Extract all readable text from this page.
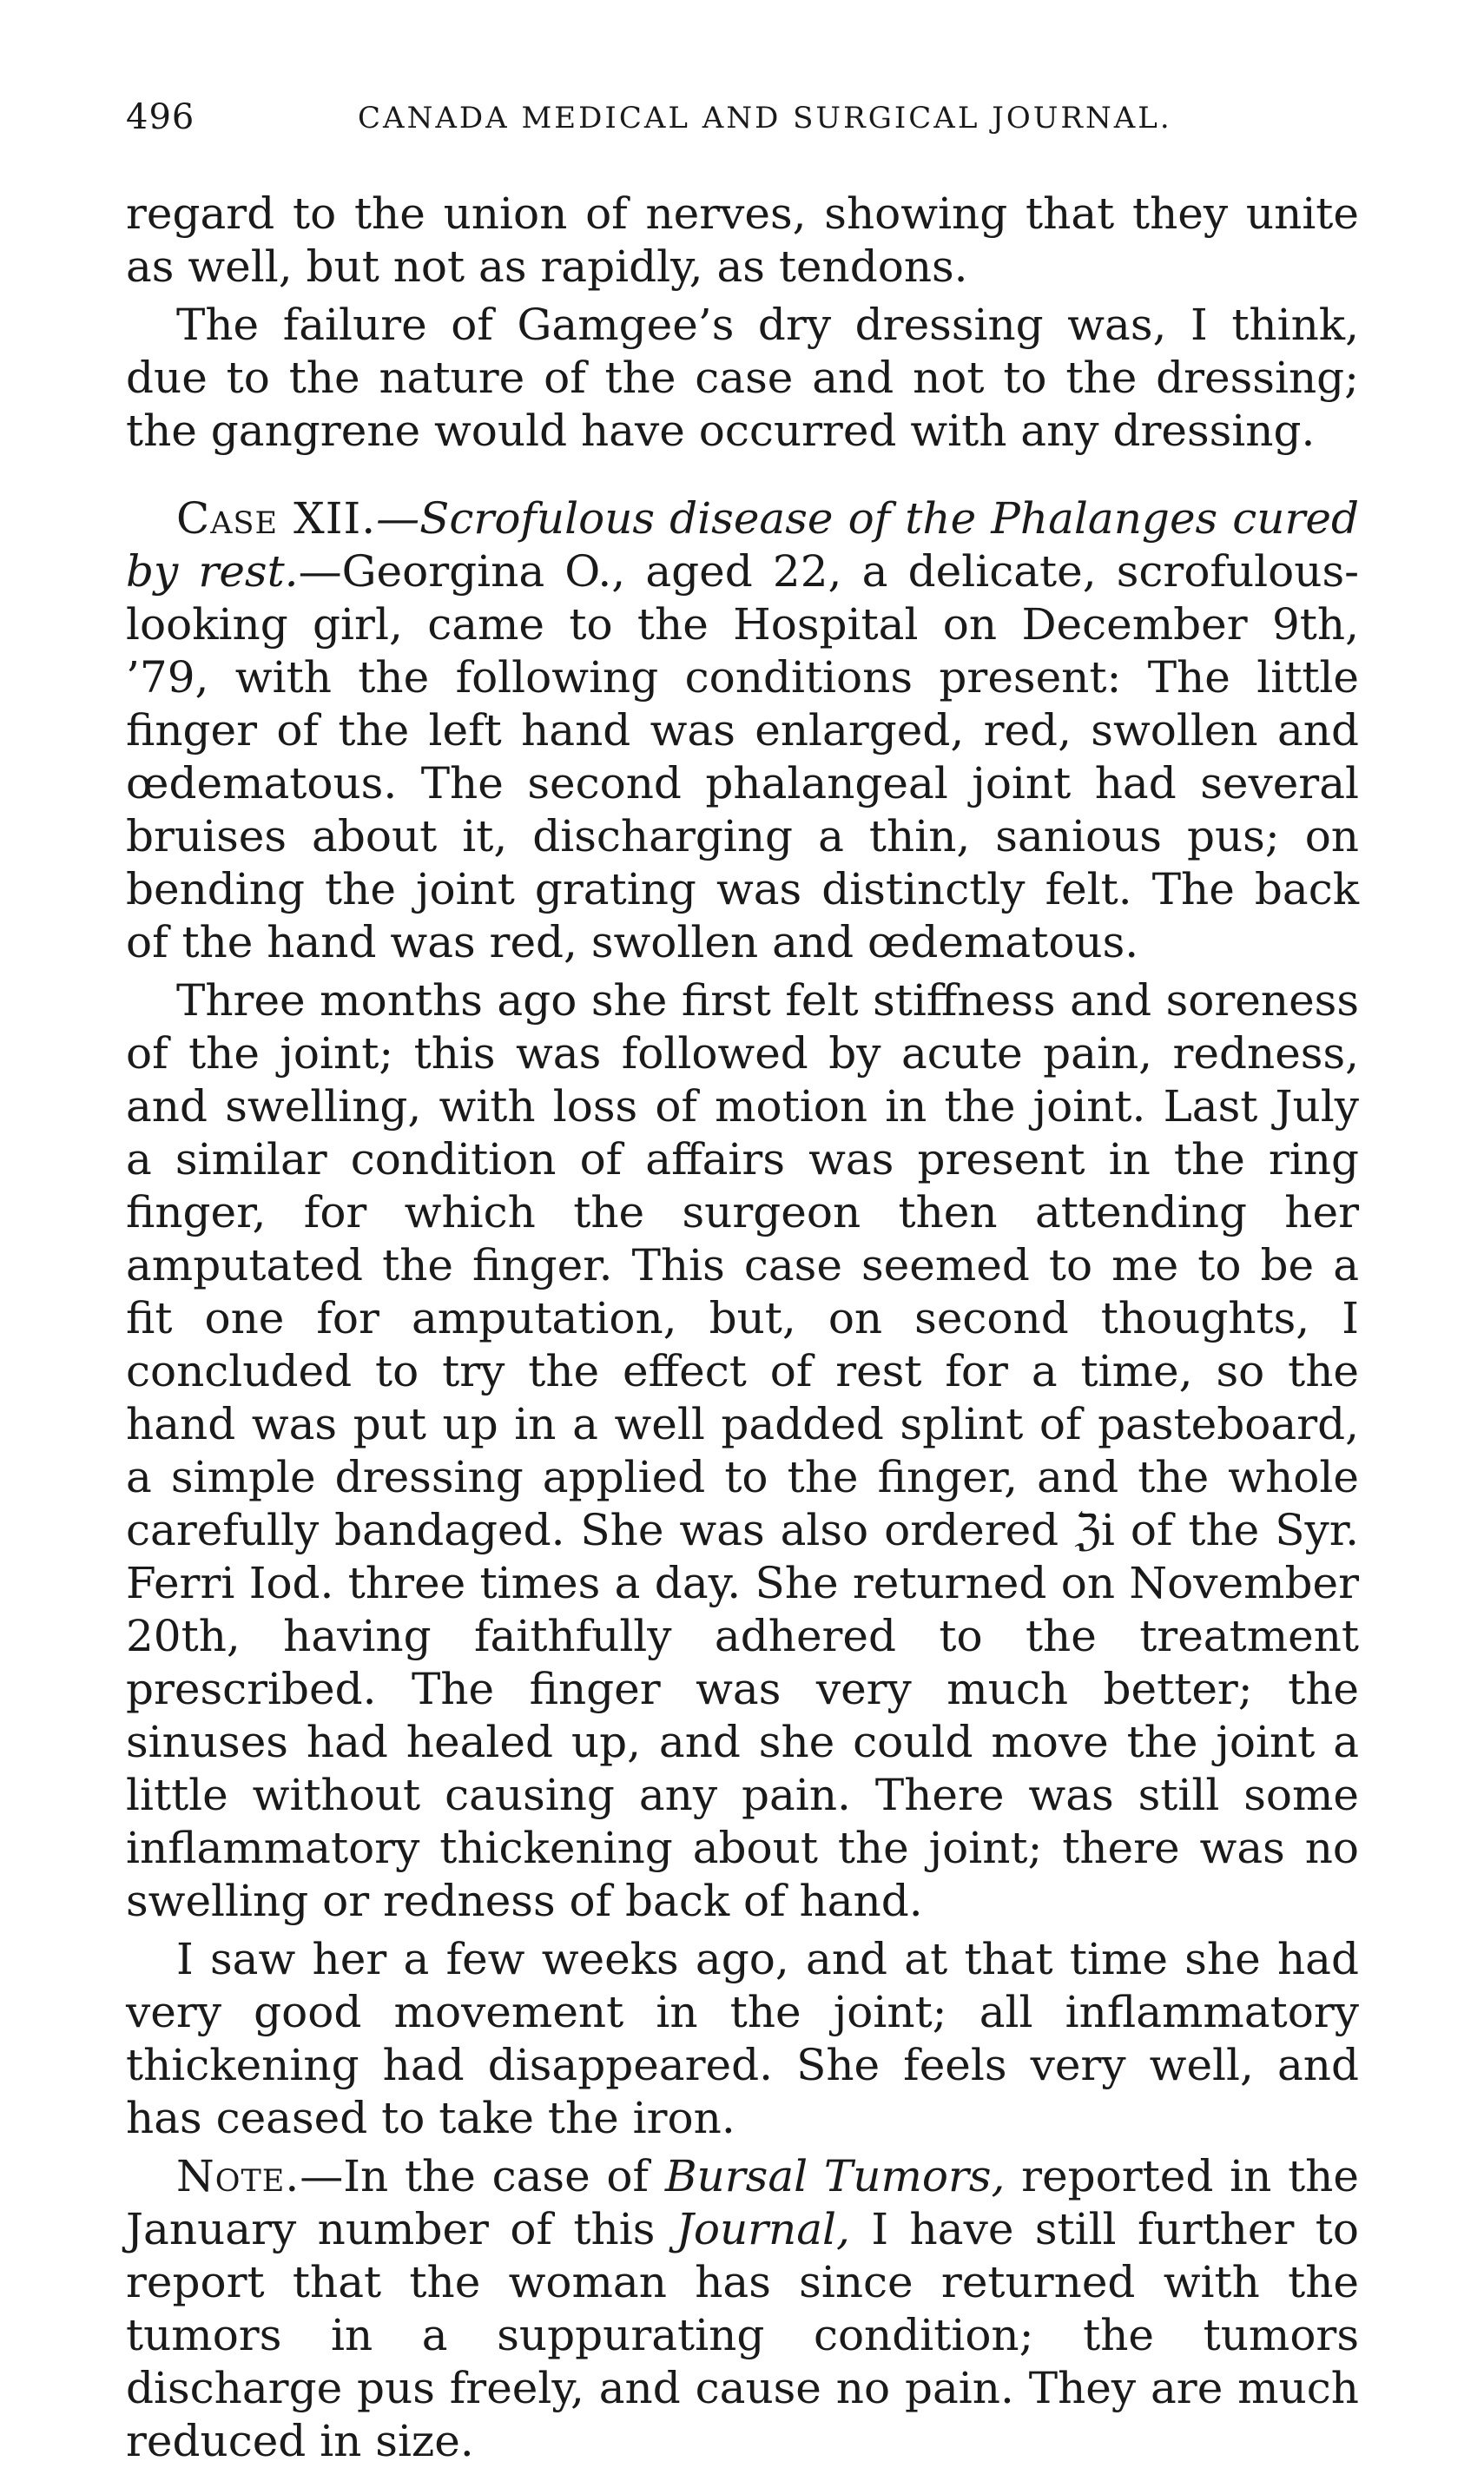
496	CANADA MEDICAL AND SURGICAL JOURNAL.

regard to the union of nerves, showing that they unite as well, but not as rapidly, as tendons.

The failure of Gamgee’s dry dressing was, I think, due to the nature of the case and not to the dressing; the gangrene would have occurred with any dressing.

Case XII.—Scrofulous disease of the Phalanges cured by rest.—Georgina O., aged 22, a delicate, scrofulous-looking girl, came to the Hospital on December 9th, ’79, with the following conditions present: The little finger of the left hand was enlarged, red, swollen and œdematous. The second phalangeal joint had several bruises about it, discharging a thin, sanious pus; on bending the joint grating was distinctly felt. The back of the hand was red, swollen and œdematous.

Three months ago she first felt stiffness and soreness of the joint; this was followed by acute pain, redness, and swelling, with loss of motion in the joint. Last July a similar condition of affairs was present in the ring finger, for which the surgeon then attending her amputated the finger. This case seemed to me to be a fit one for amputation, but, on second thoughts, I concluded to try the effect of rest for a time, so the hand was put up in a well padded splint of pasteboard, a simple dressing applied to the finger, and the whole carefully bandaged. She was also ordered ℨi of the Syr. Ferri Iod. three times a day. She returned on November 20th, having faithfully adhered to the treatment prescribed. The finger was very much better; the sinuses had healed up, and she could move the joint a little without causing any pain. There was still some inflammatory thickening about the joint; there was no swelling or redness of back of hand.

I saw her a few weeks ago, and at that time she had very good movement in the joint; all inflammatory thickening had disappeared. She feels very well, and has ceased to take the iron.

Note.—In the case of Bursal Tumors, reported in the January number of this Journal, I have still further to report that the woman has since returned with the tumors in a suppurating condition; the tumors discharge pus freely, and cause no pain. They are much reduced in size.
